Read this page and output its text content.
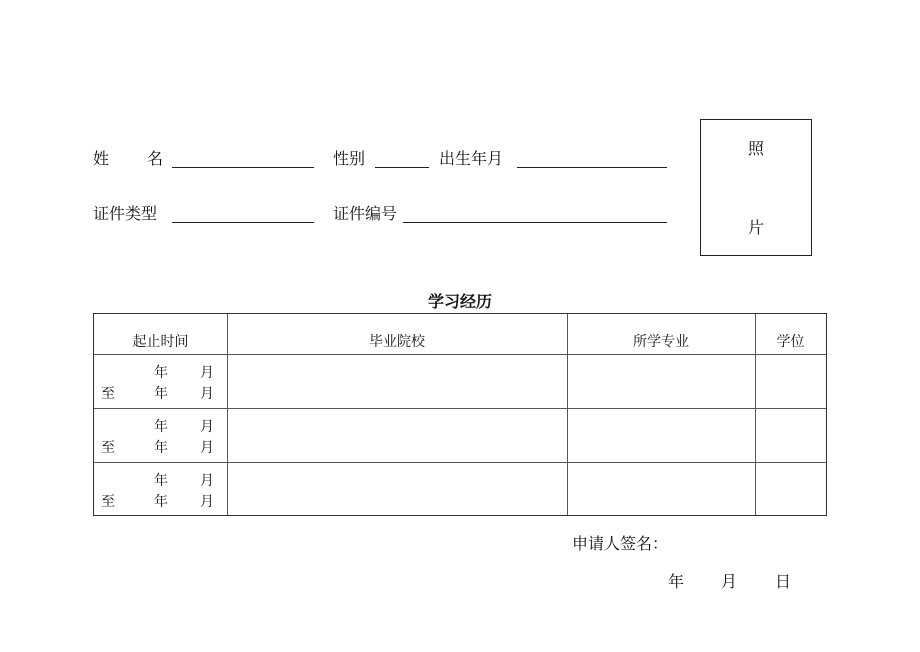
姓 名	性别	出生年月
证件类型	证件编号
照
片
学习经历
起止时间	毕业院校	所学专业	学位
年 月
至	年 月
年 月
至	年 月
年 月
至	年 月
申请人签名：
年 月 日
